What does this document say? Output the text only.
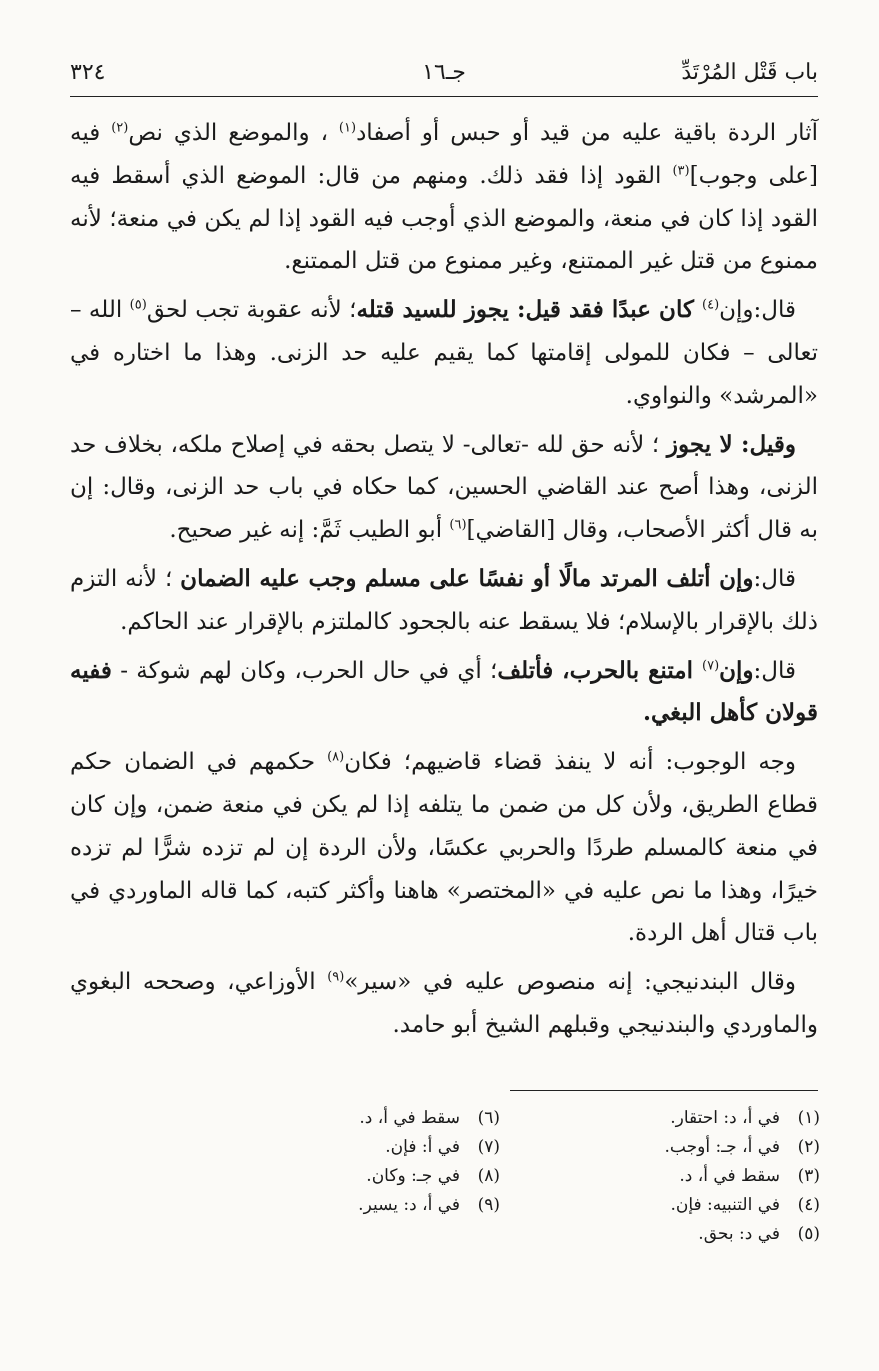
باب قَتْل المُرْتَدِّ
جـ١٦
٣٢٤

آثار الردة باقية عليه من قيد أو حبس أو أصفاد$^{(١)}$ ، والموضع الذي نص$^{(٢)}$ فيه [على وجوب]$^{(٣)}$ القود إذا فقد ذلك. ومنهم من قال: الموضع الذي أسقط فيه القود إذا كان في منعة، والموضع الذي أوجب فيه القود إذا لم يكن في منعة؛ لأنه ممنوع من قتل غير الممتنع، وغير ممنوع من قتل الممتنع.

قال:وإن$^{(٤)}$ كان عبدًا فقد قيل: يجوز للسيد قتله؛ لأنه عقوبة تجب لحق$^{(٥)}$ الله – تعالى – فكان للمولى إقامتها كما يقيم عليه حد الزنى. وهذا ما اختاره في «المرشد» والنواوي.

وقيل: لا يجوز ؛ لأنه حق لله -تعالى- لا يتصل بحقه في إصلاح ملكه، بخلاف حد الزنى، وهذا أصح عند القاضي الحسين، كما حكاه في باب حد الزنى، وقال: إن به قال أكثر الأصحاب، وقال [القاضي]$^{(٦)}$ أبو الطيب ثَمَّ: إنه غير صحيح.

قال:وإن أتلف المرتد مالًا أو نفسًا على مسلم وجب عليه الضمان ؛ لأنه التزم ذلك بالإقرار بالإسلام؛ فلا يسقط عنه بالجحود كالملتزم بالإقرار عند الحاكم.

قال:وإن$^{(٧)}$ امتنع بالحرب، فأتلف؛ أي في حال الحرب، وكان لهم شوكة - ففيه قولان كأهل البغي.

وجه الوجوب: أنه لا ينفذ قضاء قاضيهم؛ فكان$^{(٨)}$ حكمهم في الضمان حكم قطاع الطريق، ولأن كل من ضمن ما يتلفه إذا لم يكن في منعة ضمن، وإن كان في منعة كالمسلم طردًا والحربي عكسًا، ولأن الردة إن لم تزده شرًّا لم تزده خيرًا، وهذا ما نص عليه في «المختصر» هاهنا وأكثر كتبه، كما قاله الماوردي في باب قتال أهل الردة.

وقال البندنيجي: إنه منصوص عليه في «سير»$^{(٩)}$ الأوزاعي، وصححه البغوي والماوردي والبندنيجي وقبلهم الشيخ أبو حامد.

(١)
في أ، د: احتقار.
(٢)
في أ، جـ: أوجب.
(٣)
سقط في أ، د.
(٤)
في التنبيه: فإن.
(٥)
في د: بحق.
(٦)
سقط في أ، د.
(٧)
في أ: فإن.
(٨)
في جـ: وكان.
(٩)
في أ، د: يسير.
